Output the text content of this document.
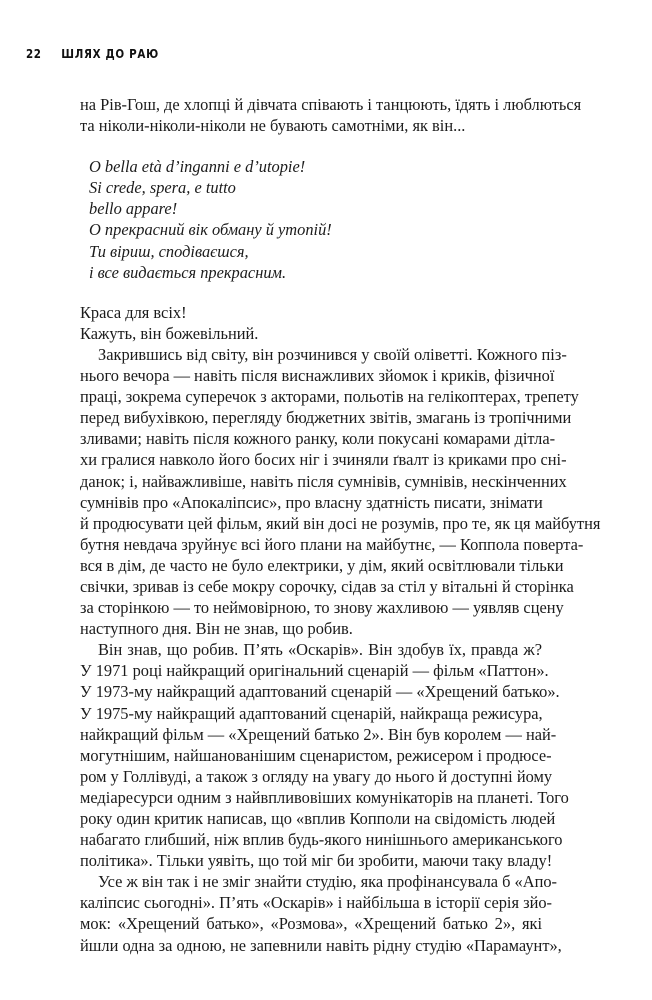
22	ШЛЯХ ДО РАЮ
на Рів-Гош, де хлопці й дівчата співають і танцюють, їдять і люблються
та ніколи-ніколи-ніколи не бувають самотніми, як він...
O bella età d’inganni e d’utopie!
Si crede, spera, e tutto
bello appare!
О прекрасний вік обману й утопій!
Ти віриш, сподіваєшся,
і все видається прекрасним.
Краса для всіх!
Кажуть, він божевільний.
Закрившись від світу, він розчинився у своїй оліветті. Кожного піз-
нього вечора — навіть після виснажливих зйомок і криків, фізичної
праці, зокрема суперечок з акторами, польотів на гелікоптерах, трепету
перед вибухівкою, перегляду бюджетних звітів, змагань із тропічними
зливами; навіть після кожного ранку, коли покусані комарами дітла-
хи гралися навколо його босих ніг і зчиняли ґвалт із криками про сні-
данок; і, найважливіше, навіть після сумнівів, сумнівів, нескінченних
сумнівів про «Апокаліпсис», про власну здатність писати, знімати
й продюсувати цей фільм, який він досі не розумів, про те, як ця майбутня
бутня невдача зруйнує всі його плани на майбутнє, — Коппола поверта-
вся в дім, де часто не було електрики, у дім, який освітлювали тільки
свічки, зривав із себе мокру сорочку, сідав за стіл у вітальні й сторінка
за сторінкою — то неймовірною, то знову жахливою — уявляв сцену
наступного дня. Він не знав, що робив.
Він знав, що робив. П’ять «Оскарів». Він здобув їх, правда ж?
У 1971 році найкращий оригінальний сценарій — фільм «Паттон».
У 1973-му найкращий адаптований сценарій — «Хрещений батько».
У 1975-му найкращий адаптований сценарій, найкраща режисура,
найкращий фільм — «Хрещений батько 2». Він був королем — най-
могутнішим, найшанованішим сценаристом, режисером і продюсе-
ром у Голлівуді, а також з огляду на увагу до нього й доступні йому
медіаресурси одним з найвпливовіших комунікаторів на планеті. Того
року один критик написав, що «вплив Копполи на свідомість людей
набагато глибший, ніж вплив будь-якого нинішнього американського
політика». Тільки уявіть, що той міг би зробити, маючи таку владу!
Усе ж він так і не зміг знайти студію, яка профінансувала б «Апо-
каліпсис сьогодні». П’ять «Оскарів» і найбільша в історії серія зйо-
мок: «Хрещений батько», «Розмова», «Хрещений батько 2», які
йшли одна за одною, не запевнили навіть рідну студію «Парамаунт»,
